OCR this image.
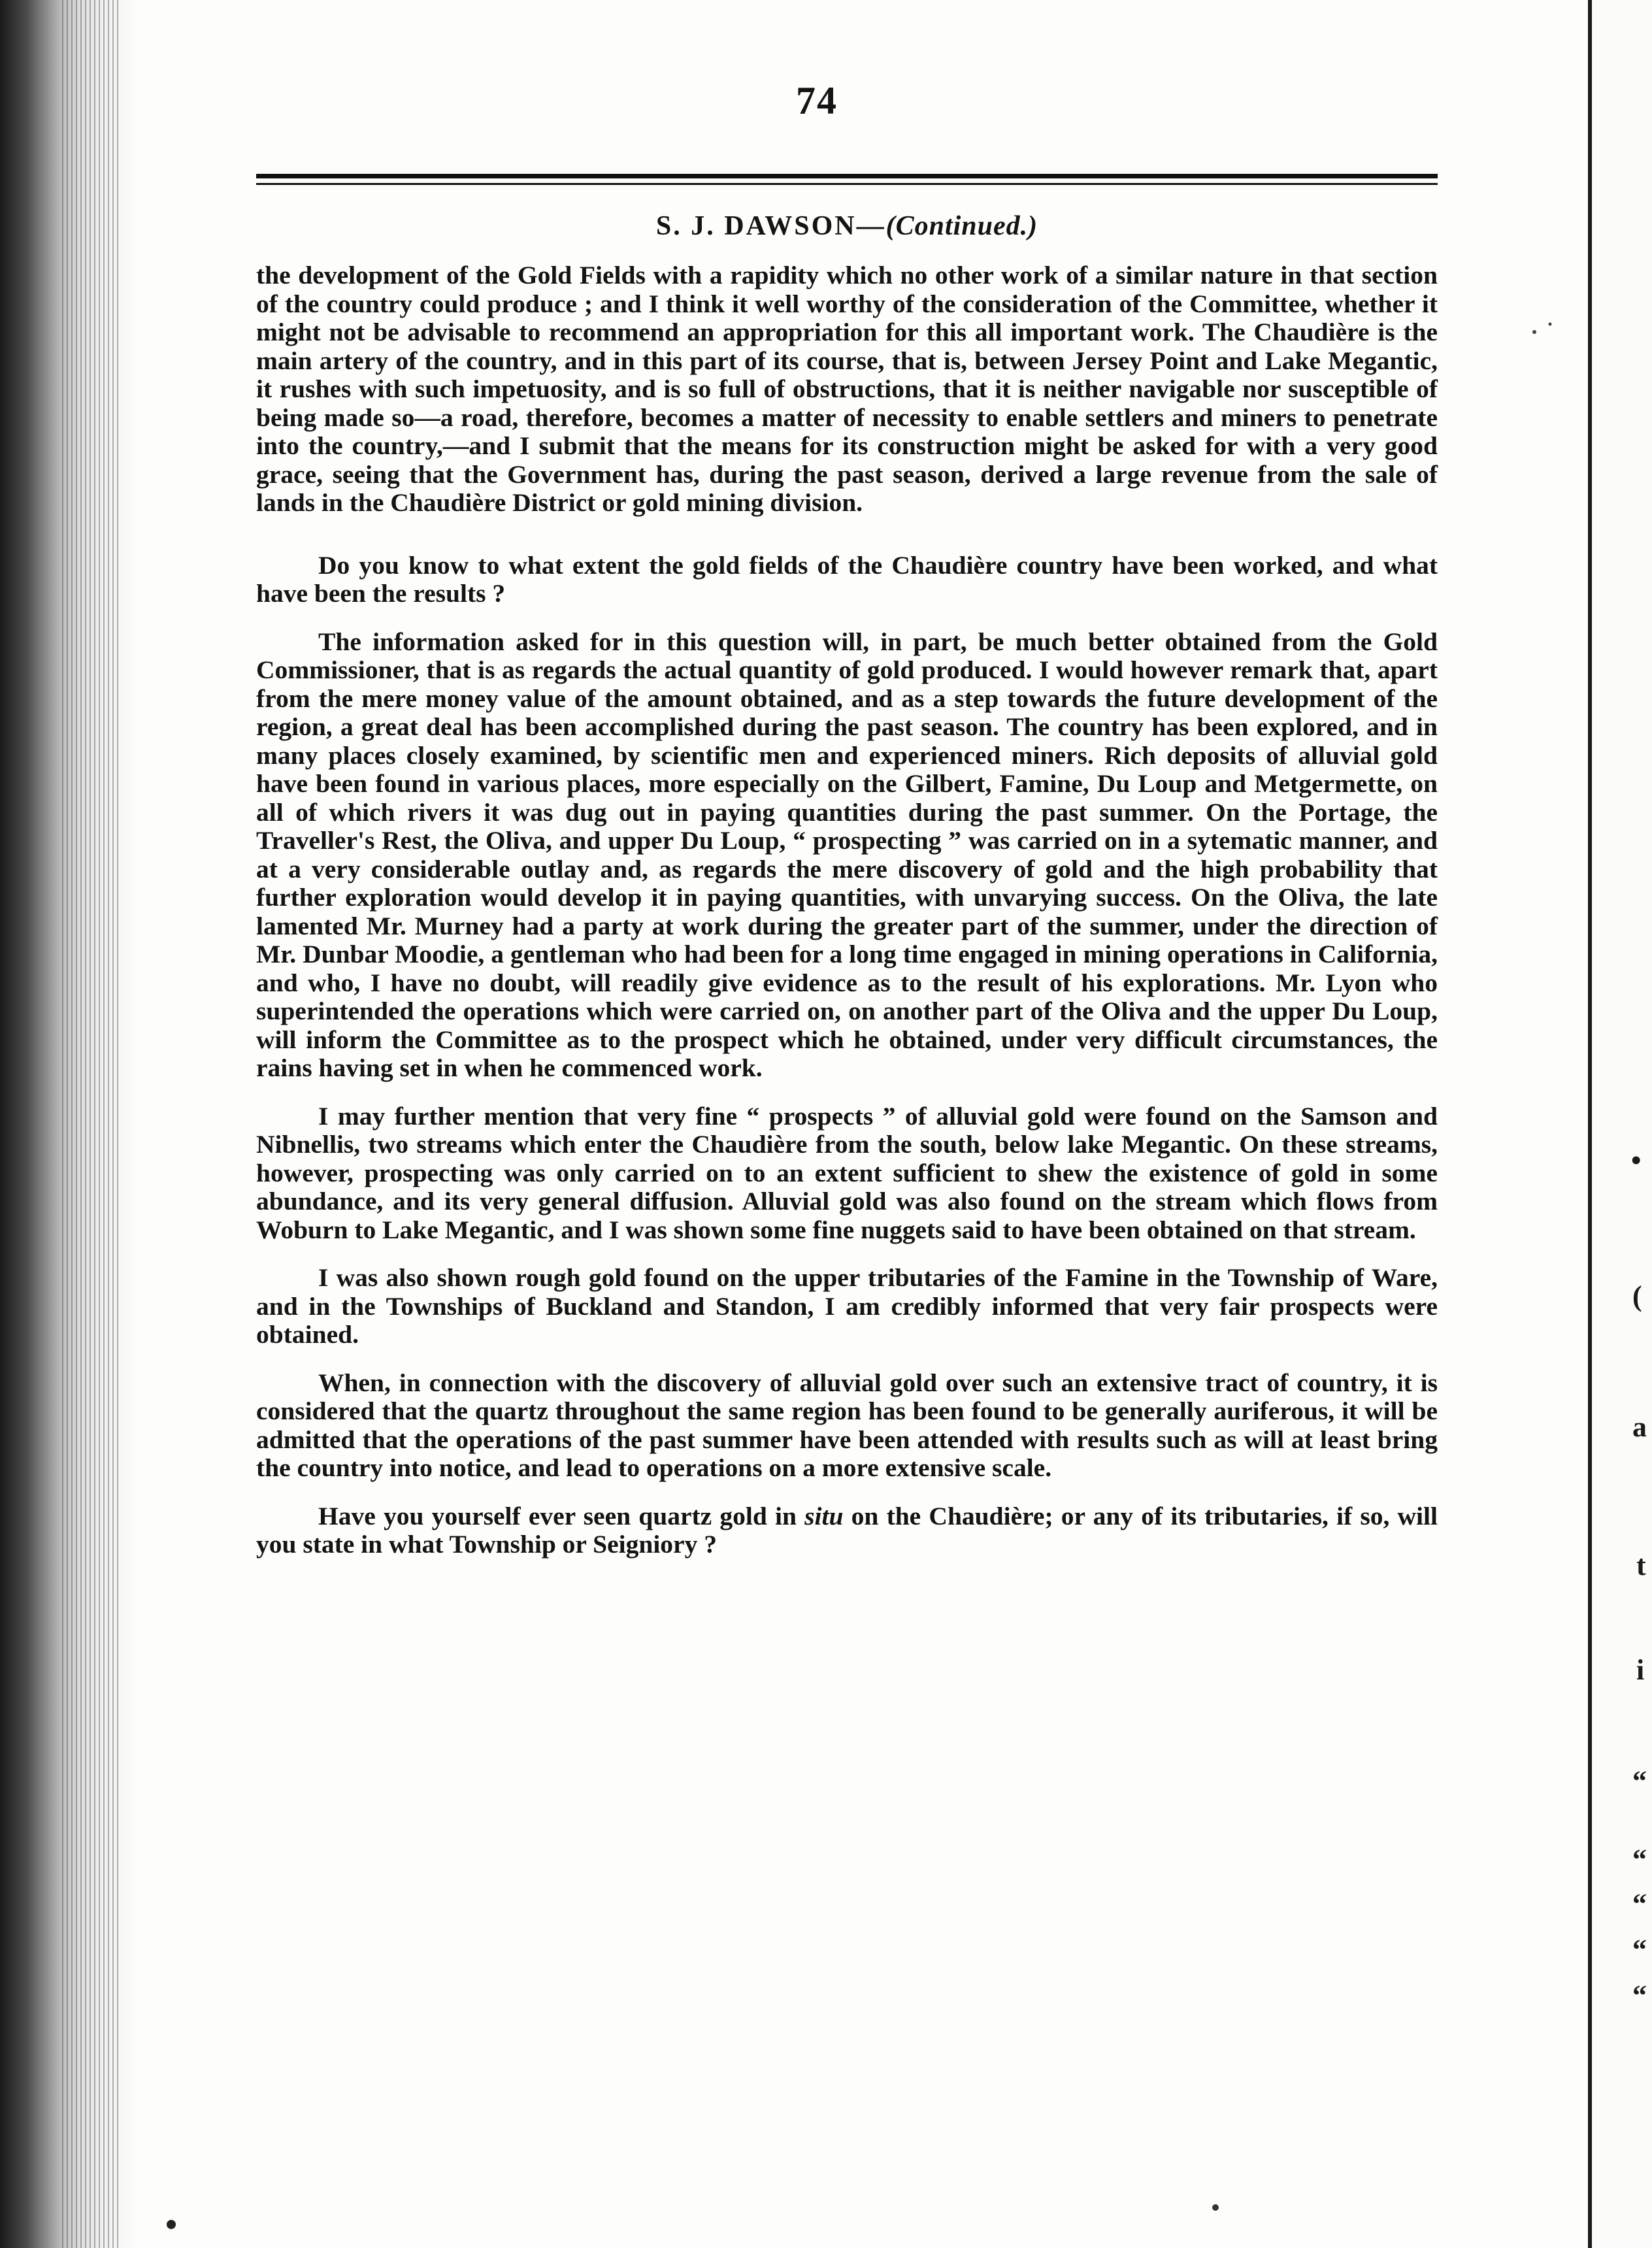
•
(
a
t
i
“
“
“
“
“
74
S. J. DAWSON—(Continued.)

the development of the Gold Fields with a rapidity which no other work of a similar nature in that section of the country could produce ; and I think it well worthy of the consideration of the Committee, whether it might not be advisable to recommend an appropriation for this all important work. The Chaudière is the main artery of the country, and in this part of its course, that is, between Jersey Point and Lake Megantic, it rushes with such impetuosity, and is so full of obstructions, that it is neither navigable nor susceptible of being made so—a road, therefore, becomes a matter of necessity to enable settlers and miners to penetrate into the country,—and I submit that the means for its construction might be asked for with a very good grace, seeing that the Government has, during the past season, derived a large revenue from the sale of lands in the Chaudière District or gold mining division.

Do you know to what extent the gold fields of the Chaudière country have been worked, and what have been the results ?

The information asked for in this question will, in part, be much better obtained from the Gold Commissioner, that is as regards the actual quantity of gold produced. I would however remark that, apart from the mere money value of the amount obtained, and as a step towards the future development of the region, a great deal has been accomplished during the past season. The country has been explored, and in many places closely examined, by scientific men and experienced miners. Rich deposits of alluvial gold have been found in various places, more especially on the Gilbert, Famine, Du Loup and Metgermette, on all of which rivers it was dug out in paying quantities during the past summer. On the Portage, the Traveller's Rest, the Oliva, and upper Du Loup, “ prospecting ” was carried on in a sytematic manner, and at a very considerable outlay and, as regards the mere discovery of gold and the high probability that further exploration would develop it in paying quantities, with unvarying success. On the Oliva, the late lamented Mr. Murney had a party at work during the greater part of the summer, under the direction of Mr. Dunbar Moodie, a gentleman who had been for a long time engaged in mining operations in California, and who, I have no doubt, will readily give evidence as to the result of his explorations. Mr. Lyon who superintended the operations which were carried on, on another part of the Oliva and the upper Du Loup, will inform the Committee as to the prospect which he obtained, under very difficult circumstances, the rains having set in when he commenced work.

I may further mention that very fine “ prospects ” of alluvial gold were found on the Samson and Nibnellis, two streams which enter the Chaudière from the south, below lake Megantic. On these streams, however, prospecting was only carried on to an extent sufficient to shew the existence of gold in some abundance, and its very general diffusion. Alluvial gold was also found on the stream which flows from Woburn to Lake Megantic, and I was shown some fine nuggets said to have been obtained on that stream.

I was also shown rough gold found on the upper tributaries of the Famine in the Township of Ware, and in the Townships of Buckland and Standon, I am credibly informed that very fair prospects were obtained.

When, in connection with the discovery of alluvial gold over such an extensive tract of country, it is considered that the quartz throughout the same region has been found to be generally auriferous, it will be admitted that the operations of the past summer have been attended with results such as will at least bring the country into notice, and lead to operations on a more extensive scale.

Have you yourself ever seen quartz gold in situ on the Chaudière; or any of its tributaries, if so, will you state in what Township or Seigniory ?
